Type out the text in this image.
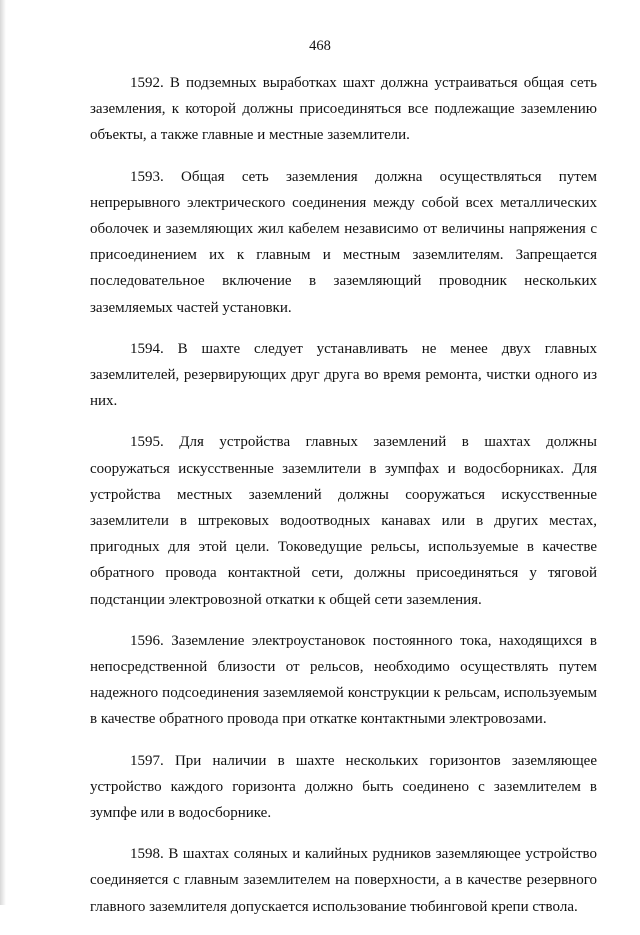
468

1592. В подземных выработках шахт должна устраиваться общая сеть заземления, к которой должны присоединяться все подлежащие заземлению объекты, а также главные и местные заземлители.

1593. Общая сеть заземления должна осуществляться путем непрерывного электрического соединения между собой всех металлических оболочек и заземляющих жил кабелем независимо от величины напряжения с присоединением их к главным и местным заземлителям. Запрещается последовательное включение в заземляющий проводник нескольких заземляемых частей установки.

1594. В шахте следует устанавливать не менее двух главных заземлителей, резервирующих друг друга во время ремонта, чистки одного из них.

1595. Для устройства главных заземлений в шахтах должны сооружаться искусственные заземлители в зумпфах и водосборниках. Для устройства местных заземлений должны сооружаться искусственные заземлители в штрековых водоотводных канавах или в других местах, пригодных для этой цели. Токоведущие рельсы, используемые в качестве обратного провода контактной сети, должны присоединяться у тяговой подстанции электровозной откатки к общей сети заземления.

1596. Заземление электроустановок постоянного тока, находящихся в непосредственной близости от рельсов, необходимо осуществлять путем надежного подсоединения заземляемой конструкции к рельсам, используемым в качестве обратного провода при откатке контактными электровозами.

1597. При наличии в шахте нескольких горизонтов заземляющее устройство каждого горизонта должно быть соединено с заземлителем в зумпфе или в водосборнике.

1598. В шахтах соляных и калийных рудников заземляющее устройство соединяется с главным заземлителем на поверхности, а в качестве резервного главного заземлителя допускается использование тюбинговой крепи ствола.
